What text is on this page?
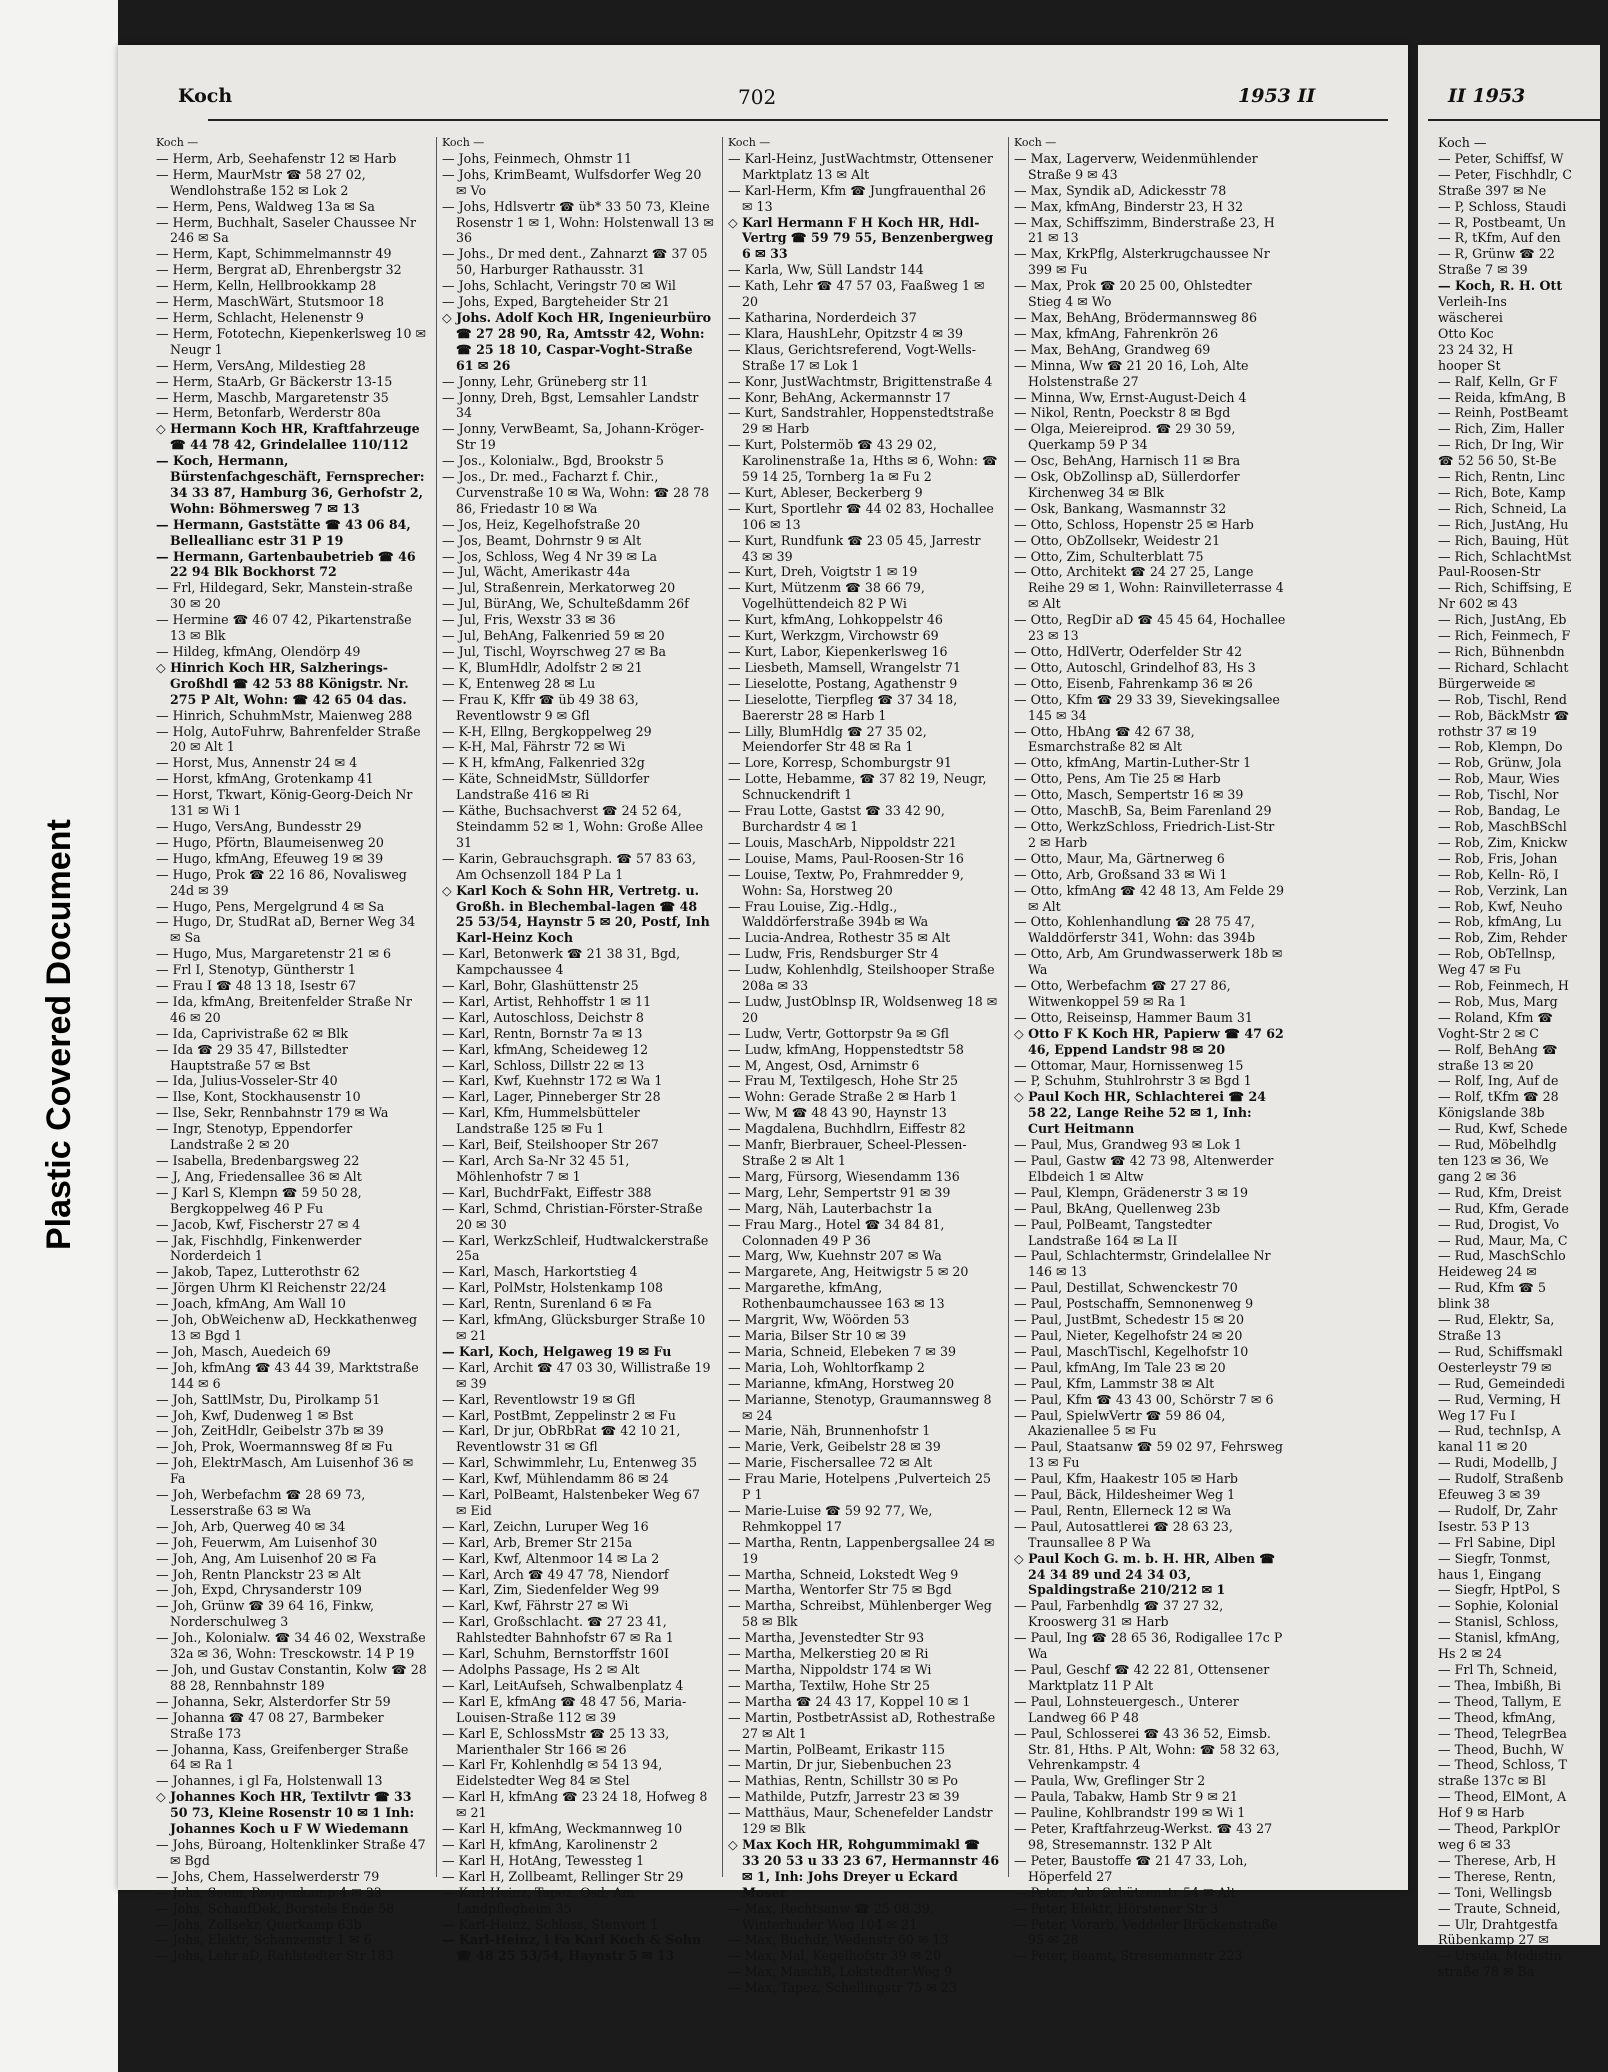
Plastic Covered Document
Koch	702	1953 II
Koch —
— Herm, Arb, Seehafenstr 12 ✉ Harb
— Herm, MaurMstr ☎ 58 27 02, Wendlohstraße 152 ✉ Lok 2
— Herm, Pens, Waldweg 13a ✉ Sa
— Herm, Buchhalt, Saseler Chaussee Nr 246 ✉ Sa
— Herm, Kapt, Schimmelmannstr 49
— Herm, Bergrat aD, Ehrenbergstr 32
— Herm, Kelln, Hellbrookkamp 28
— Herm, MaschWärt, Stutsmoor 18
— Herm, Schlacht, Helenenstr 9
— Herm, Fototechn, Kiepenkerlsweg 10 ✉ Neugr 1
— Herm, VersAng, Mildestieg 28
— Herm, StaArb, Gr Bäckerstr 13-15
— Herm, Maschb, Margaretenstr 35
— Herm, Betonfarb, Werderstr 80a
◇ Hermann Koch HR, Kraftfahrzeuge ☎ 44 78 42, Grindelallee 110/112
— Koch, Hermann, Bürstenfachgeschäft, Fernsprecher: 34 33 87, Hamburg 36, Gerhofstr 2, Wohn: Böhmersweg 7 ✉ 13
— Hermann, Gaststätte ☎ 43 06 84, Belleallianc estr 31 P 19
— Hermann, Gartenbaubetrieb ☎ 46 22 94 Blk Bockhorst 72
— Frl, Hildegard, Sekr, Manstein-straße 30 ✉ 20
— Hermine ☎ 46 07 42, Pikartenstraße 13 ✉ Blk
— Hildeg, kfmAng, Olendörp 49
◇ Hinrich Koch HR, Salzherings-Großhdl ☎ 42 53 88 Königstr. Nr. 275 P Alt, Wohn: ☎ 42 65 04 das.
— Hinrich, SchuhmMstr, Maienweg 288
— Holg, AutoFuhrw, Bahrenfelder Straße 20 ✉ Alt 1
— Horst, Mus, Annenstr 24 ✉ 4
— Horst, kfmAng, Grotenkamp 41
— Horst, Tkwart, König-Georg-Deich Nr 131 ✉ Wi 1
— Hugo, VersAng, Bundesstr 29
— Hugo, Pförtn, Blaumeisenweg 20
— Hugo, kfmAng, Efeuweg 19 ✉ 39
— Hugo, Prok ☎ 22 16 86, Novalisweg 24d ✉ 39
— Hugo, Pens, Mergelgrund 4 ✉ Sa
— Hugo, Dr, StudRat aD, Berner Weg 34 ✉ Sa
— Hugo, Mus, Margaretenstr 21 ✉ 6
— Frl I, Stenotyp, Güntherstr 1
— Frau I ☎ 48 13 18, Isestr 67
— Ida, kfmAng, Breitenfelder Straße Nr 46 ✉ 20
— Ida, Caprivistraße 62 ✉ Blk
— Ida ☎ 29 35 47, Billstedter Hauptstraße 57 ✉ Bst
— Ida, Julius-Vosseler-Str 40
— Ilse, Kont, Stockhausenstr 10
— Ilse, Sekr, Rennbahnstr 179 ✉ Wa
— Ingr, Stenotyp, Eppendorfer Landstraße 2 ✉ 20
— Isabella, Bredenbargsweg 22
— J, Ang, Friedensallee 36 ✉ Alt
— J Karl S, Klempn ☎ 59 50 28, Bergkoppelweg 46 P Fu
— Jacob, Kwf, Fischerstr 27 ✉ 4
— Jak, Fischhdlg, Finkenwerder Norderdeich 1
— Jakob, Tapez, Lutterothstr 62
— Jörgen Uhrm Kl Reichenstr 22/24
— Joach, kfmAng, Am Wall 10
— Joh, ObWeichenw aD, Heckkathenweg 13 ✉ Bgd 1
— Joh, Masch, Auedeich 69
— Joh, kfmAng ☎ 43 44 39, Marktstraße 144 ✉ 6
— Joh, SattlMstr, Du, Pirolkamp 51
— Joh, Kwf, Dudenweg 1 ✉ Bst
— Joh, ZeitHdlr, Geibelstr 37b ✉ 39
— Joh, Prok, Woermannsweg 8f ✉ Fu
— Joh, ElektrMasch, Am Luisenhof 36 ✉ Fa
— Joh, Werbefachm ☎ 28 69 73, Lesserstraße 63 ✉ Wa
— Joh, Arb, Querweg 40 ✉ 34
— Joh, Feuerwm, Am Luisenhof 30
— Joh, Ang, Am Luisenhof 20 ✉ Fa
— Joh, Rentn Planckstr 23 ✉ Alt
— Joh, Expd, Chrysanderstr 109
— Joh, Grünw ☎ 39 64 16, Finkw, Norderschulweg 3
— Joh., Kolonialw. ☎ 34 46 02, Wexstraße 32a ✉ 36, Wohn: Tresckowstr. 14 P 19
— Joh, und Gustav Constantin, Kolw ☎ 28 88 28, Rennbahnstr 189
— Johanna, Sekr, Alsterdorfer Str 59
— Johanna ☎ 47 08 27, Barmbeker Straße 173
— Johanna, Kass, Greifenberger Straße 64 ✉ Ra 1
— Johannes, i gl Fa, Holstenwall 13
◇ Johannes Koch HR, Textilvtr ☎ 33 50 73, Kleine Rosenstr 10 ✉ 1 Inh: Johannes Koch u F W Wiedemann
— Johs, Büroang, Holtenklinker Straße 47 ✉ Bgd
— Johs, Chem, Hasselwerderstr 79
— Johs, Seem, Roggenkamp 4 ✉ 33
— Johs, SchaufDek, Borstels Ende 58
— Johs, Zollsekr, Querkamp 63b
— Johs, Elektr, Schanzenstr 1 ✉ 6
— Johs, Lehr aD, Rahlstedter Str 183
Koch —
— Johs, Feinmech, Ohmstr 11
— Johs, KrimBeamt, Wulfsdorfer Weg 20 ✉ Vo
— Johs, Hdlsvertr ☎ üb* 33 50 73, Kleine Rosenstr 1 ✉ 1, Wohn: Holstenwall 13 ✉ 36
— Johs., Dr med dent., Zahnarzt ☎ 37 05 50, Harburger Rathausstr. 31
— Johs, Schlacht, Veringstr 70 ✉ Wil
— Johs, Exped, Bargteheider Str 21
◇ Johs. Adolf Koch HR, Ingenieurbüro ☎ 27 28 90, Ra, Amtsstr 42, Wohn: ☎ 25 18 10, Caspar-Voght-Straße 61 ✉ 26
— Jonny, Lehr, Grüneberg str 11
— Jonny, Dreh, Bgst, Lemsahler Landstr 34
— Jonny, VerwBeamt, Sa, Johann-Kröger-Str 19
— Jos., Kolonialw., Bgd, Brookstr 5
— Jos., Dr. med., Facharzt f. Chir., Curvenstraße 10 ✉ Wa, Wohn: ☎ 28 78 86, Friedastr 10 ✉ Wa
— Jos, Heiz, Kegelhofstraße 20
— Jos, Beamt, Dohrnstr 9 ✉ Alt
— Jos, Schloss, Weg 4 Nr 39 ✉ La
— Jul, Wächt, Amerikastr 44a
— Jul, Straßenrein, Merkatorweg 20
— Jul, BürAng, We, Schulteßdamm 26f
— Jul, Fris, Wexstr 33 ✉ 36
— Jul, BehAng, Falkenried 59 ✉ 20
— Jul, Tischl, Woyrschweg 27 ✉ Ba
— K, BlumHdlr, Adolfstr 2 ✉ 21
— K, Entenweg 28 ✉ Lu
— Frau K, Kffr ☎ üb 49 38 63, Reventlowstr 9 ✉ Gfl
— K-H, Ellng, Bergkoppelweg 29
— K-H, Mal, Fährstr 72 ✉ Wi
— K H, kfmAng, Falkenried 32g
— Käte, SchneidMstr, Sülldorfer Landstraße 416 ✉ Ri
— Käthe, Buchsachverst ☎ 24 52 64, Steindamm 52 ✉ 1, Wohn: Große Allee 31
— Karin, Gebrauchsgraph. ☎ 57 83 63, Am Ochsenzoll 184 P La 1
◇ Karl Koch & Sohn HR, Vertretg. u. Großh. in Blechembal-lagen ☎ 48 25 53/54, Haynstr 5 ✉ 20, Postf, Inh Karl-Heinz Koch
— Karl, Betonwerk ☎ 21 38 31, Bgd, Kampchaussee 4
— Karl, Bohr, Glashüttenstr 25
— Karl, Artist, Rehhoffstr 1 ✉ 11
— Karl, Autoschloss, Deichstr 8
— Karl, Rentn, Bornstr 7a ✉ 13
— Karl, kfmAng, Scheideweg 12
— Karl, Schloss, Dillstr 22 ✉ 13
— Karl, Kwf, Kuehnstr 172 ✉ Wa 1
— Karl, Lager, Pinneberger Str 28
— Karl, Kfm, Hummelsbütteler Landstraße 125 ✉ Fu 1
— Karl, Beif, Steilshooper Str 267
— Karl, Arch Sa-Nr 32 45 51, Möhlenhofstr 7 ✉ 1
— Karl, BuchdrFakt, Eiffestr 388
— Karl, Schmd, Christian-Förster-Straße 20 ✉ 30
— Karl, WerkzSchleif, Hudtwalckerstraße 25a
— Karl, Masch, Harkortstieg 4
— Karl, PolMstr, Holstenkamp 108
— Karl, Rentn, Surenland 6 ✉ Fa
— Karl, kfmAng, Glücksburger Straße 10 ✉ 21
— Karl, Koch, Helgaweg 19 ✉ Fu
— Karl, Archit ☎ 47 03 30, Willistraße 19 ✉ 39
— Karl, Reventlowstr 19 ✉ Gfl
— Karl, PostBmt, Zeppelinstr 2 ✉ Fu
— Karl, Dr jur, ObRbRat ☎ 42 10 21, Reventlowstr 31 ✉ Gfl
— Karl, Schwimmlehr, Lu, Entenweg 35
— Karl, Kwf, Mühlendamm 86 ✉ 24
— Karl, PolBeamt, Halstenbeker Weg 67 ✉ Eid
— Karl, Zeichn, Luruper Weg 16
— Karl, Arb, Bremer Str 215a
— Karl, Kwf, Altenmoor 14 ✉ La 2
— Karl, Arch ☎ 49 47 78, Niendorf
— Karl, Zim, Siedenfelder Weg 99
— Karl, Kwf, Fährstr 27 ✉ Wi
— Karl, Großschlacht. ☎ 27 23 41, Rahlstedter Bahnhofstr 67 ✉ Ra 1
— Karl, Schuhm, Bernstorffstr 160I
— Adolphs Passage, Hs 2 ✉ Alt
— Karl, LeitAufseh, Schwalbenplatz 4
— Karl E, kfmAng ☎ 48 47 56, Maria-Louisen-Straße 112 ✉ 39
— Karl E, SchlossMstr ☎ 25 13 33, Marienthaler Str 166 ✉ 26
— Karl Fr, Kohlenhdlg ✉ 54 13 94, Eidelstedter Weg 84 ✉ Stel
— Karl H, kfmAng ☎ 23 24 18, Hofweg 8 ✉ 21
— Karl H, kfmAng, Weckmannweg 10
— Karl H, kfmAng, Karolinenstr 2
— Karl H, HotAng, Tewessteg 1
— Karl H, Zollbeamt, Rellinger Str 29
— Karl-Heinz, Tapez, Osd, Am Landpflegheim 35
— Karl-Heinz, Schloss, Stenvort 1
— Karl-Heinz, i Fa Karl Koch & Sohn ☎ 48 25 53/54, Haynstr 5 ✉ 13
Koch —
— Karl-Heinz, JustWachtmstr, Ottensener Marktplatz 13 ✉ Alt
— Karl-Herm, Kfm ☎ Jungfrauenthal 26 ✉ 13
◇ Karl Hermann F H Koch HR, Hdl-Vertrg ☎ 59 79 55, Benzenbergweg 6 ✉ 33
— Karla, Ww, Süll Landstr 144
— Kath, Lehr ☎ 47 57 03, Faaßweg 1 ✉ 20
— Katharina, Norderdeich 37
— Klara, HaushLehr, Opitzstr 4 ✉ 39
— Klaus, Gerichtsreferend, Vogt-Wells-Straße 17 ✉ Lok 1
— Konr, JustWachtmstr, Brigittenstraße 4
— Konr, BehAng, Ackermannstr 17
— Kurt, Sandstrahler, Hoppenstedtstraße 29 ✉ Harb
— Kurt, Polstermöb ☎ 43 29 02, Karolinenstraße 1a, Hths ✉ 6, Wohn: ☎ 59 14 25, Tornberg 1a ✉ Fu 2
— Kurt, Ableser, Beckerberg 9
— Kurt, Sportlehr ☎ 44 02 83, Hochallee 106 ✉ 13
— Kurt, Rundfunk ☎ 23 05 45, Jarrestr 43 ✉ 39
— Kurt, Dreh, Voigtstr 1 ✉ 19
— Kurt, Mützenm ☎ 38 66 79, Vogelhüttendeich 82 P Wi
— Kurt, kfmAng, Lohkoppelstr 46
— Kurt, Werkzgm, Virchowstr 69
— Kurt, Labor, Kiepenkerlsweg 16
— Liesbeth, Mamsell, Wrangelstr 71
— Lieselotte, Postang, Agathenstr 9
— Lieselotte, Tierpfleg ☎ 37 34 18, Baererstr 28 ✉ Harb 1
— Lilly, BlumHdlg ☎ 27 35 02, Meiendorfer Str 48 ✉ Ra 1
— Lore, Korresp, Schomburgstr 91
— Lotte, Hebamme, ☎ 37 82 19, Neugr, Schnuckendrift 1
— Frau Lotte, Gastst ☎ 33 42 90, Burchardstr 4 ✉ 1
— Louis, MaschArb, Nippoldstr 221
— Louise, Mams, Paul-Roosen-Str 16
— Louise, Textw, Po, Frahmredder 9, Wohn: Sa, Horstweg 20
— Frau Louise, Zig.-Hdlg., Walddörferstraße 394b ✉ Wa
— Lucia-Andrea, Rothestr 35 ✉ Alt
— Ludw, Fris, Rendsburger Str 4
— Ludw, Kohlenhdlg, Steilshooper Straße 208a ✉ 33
— Ludw, JustOblnsp IR, Woldsenweg 18 ✉ 20
— Ludw, Vertr, Gottorpstr 9a ✉ Gfl
— Ludw, kfmAng, Hoppenstedtstr 58
— M, Angest, Osd, Arnimstr 6
— Frau M, Textilgesch, Hohe Str 25
— Wohn: Gerade Straße 2 ✉ Harb 1
— Ww, M ☎ 48 43 90, Haynstr 13
— Magdalena, Buchhdlrn, Eiffestr 82
— Manfr, Bierbrauer, Scheel-Plessen-Straße 2 ✉ Alt 1
— Marg, Fürsorg, Wiesendamm 136
— Marg, Lehr, Sempertstr 91 ✉ 39
— Marg, Näh, Lauterbachstr 1a
— Frau Marg., Hotel ☎ 34 84 81, Colonnaden 49 P 36
— Marg, Ww, Kuehnstr 207 ✉ Wa
— Margarete, Ang, Heitwigstr 5 ✉ 20
— Margarethe, kfmAng, Rothenbaumchaussee 163 ✉ 13
— Margrit, Ww, Wöörden 53
— Maria, Bilser Str 10 ✉ 39
— Maria, Schneid, Elebeken 7 ✉ 39
— Maria, Loh, Wohltorfkamp 2
— Marianne, kfmAng, Horstweg 20
— Marianne, Stenotyp, Graumannsweg 8 ✉ 24
— Marie, Näh, Brunnenhofstr 1
— Marie, Verk, Geibelstr 28 ✉ 39
— Marie, Fischersallee 72 ✉ Alt
— Frau Marie, Hotelpens ‚Pulverteich 25 P 1
— Marie-Luise ☎ 59 92 77, We, Rehmkoppel 17
— Martha, Rentn, Lappenbergsallee 24 ✉ 19
— Martha, Schneid, Lokstedt Weg 9
— Martha, Wentorfer Str 75 ✉ Bgd
— Martha, Schreibst, Mühlenberger Weg 58 ✉ Blk
— Martha, Jevenstedter Str 93
— Martha, Melkerstieg 20 ✉ Ri
— Martha, Nippoldstr 174 ✉ Wi
— Martha, Textilw, Hohe Str 25
— Martha ☎ 24 43 17, Koppel 10 ✉ 1
— Martin, PostbetrAssist aD, Rothestraße 27 ✉ Alt 1
— Martin, PolBeamt, Erikastr 115
— Martin, Dr jur, Siebenbuchen 23
— Mathias, Rentn, Schillstr 30 ✉ Po
— Mathilde, Putzfr, Jarrestr 23 ✉ 39
— Matthäus, Maur, Schenefelder Landstr 129 ✉ Blk
◇ Max Koch HR, Rohgummimakl ☎ 33 20 53 u 33 23 67, Hermannstr 46 ✉ 1, Inh: Johs Dreyer u Eckard Moser
— Max, Rechtsanw ☎ 25 08 39, Winterhuder Weg 104 ✉ 21
— Max, Buchdr, Wedenstr 60 ✉ 13
— Max, Mal, Kegelhofstr 39 ✉ 20
— Max, MaschB, Lokstedter Weg 9
— Max, Tapez, Schellingstr 75 ✉ 23
Koch —
— Max, Lagerverw, Weidenmühlender Straße 9 ✉ 43
— Max, Syndik aD, Adickesstr 78
— Max, kfmAng, Binderstr 23, H 32
— Max, Schiffszimm, Binderstraße 23, H 21 ✉ 13
— Max, KrkPflg, Alsterkrugchaussee Nr 399 ✉ Fu
— Max, Prok ☎ 20 25 00, Ohlstedter Stieg 4 ✉ Wo
— Max, BehAng, Brödermannsweg 86
— Max, kfmAng, Fahrenkrön 26
— Max, BehAng, Grandweg 69
— Minna, Ww ☎ 21 20 16, Loh, Alte Holstenstraße 27
— Minna, Ww, Ernst-August-Deich 4
— Nikol, Rentn, Poeckstr 8 ✉ Bgd
— Olga, Meiereiprod. ☎ 29 30 59, Querkamp 59 P 34
— Osc, BehAng, Harnisch 11 ✉ Bra
— Osk, ObZollinsp aD, Süllerdorfer Kirchenweg 34 ✉ Blk
— Osk, Bankang, Wasmannstr 32
— Otto, Schloss, Hopenstr 25 ✉ Harb
— Otto, ObZollsekr, Weidestr 21
— Otto, Zim, Schulterblatt 75
— Otto, Architekt ☎ 24 27 25, Lange Reihe 29 ✉ 1, Wohn: Rainvilleterrasse 4 ✉ Alt
— Otto, RegDir aD ☎ 45 45 64, Hochallee 23 ✉ 13
— Otto, HdlVertr, Oderfelder Str 42
— Otto, Autoschl, Grindelhof 83, Hs 3
— Otto, Eisenb, Fahrenkamp 36 ✉ 26
— Otto, Kfm ☎ 29 33 39, Sievekingsallee 145 ✉ 34
— Otto, HbAng ☎ 42 67 38, Esmarchstraße 82 ✉ Alt
— Otto, kfmAng, Martin-Luther-Str 1
— Otto, Pens, Am Tie 25 ✉ Harb
— Otto, Masch, Sempertstr 16 ✉ 39
— Otto, MaschB, Sa, Beim Farenland 29
— Otto, WerkzSchloss, Friedrich-List-Str 2 ✉ Harb
— Otto, Maur, Ma, Gärtnerweg 6
— Otto, Arb, Großsand 33 ✉ Wi 1
— Otto, kfmAng ☎ 42 48 13, Am Felde 29 ✉ Alt
— Otto, Kohlenhandlung ☎ 28 75 47, Walddörferstr 341, Wohn: das 394b
— Otto, Arb, Am Grundwasserwerk 18b ✉ Wa
— Otto, Werbefachm ☎ 27 27 86, Witwenkoppel 59 ✉ Ra 1
— Otto, Reiseinsp, Hammer Baum 31
◇ Otto F K Koch HR, Papierw ☎ 47 62 46, Eppend Landstr 98 ✉ 20
— Ottomar, Maur, Hornissenweg 15
— P, Schuhm, Stuhlrohrstr 3 ✉ Bgd 1
◇ Paul Koch HR, Schlachterei ☎ 24 58 22, Lange Reihe 52 ✉ 1, Inh: Curt Heitmann
— Paul, Mus, Grandweg 93 ✉ Lok 1
— Paul, Gastw ☎ 42 73 98, Altenwerder Elbdeich 1 ✉ Altw
— Paul, Klempn, Grädenerstr 3 ✉ 19
— Paul, BkAng, Quellenweg 23b
— Paul, PolBeamt, Tangstedter Landstraße 164 ✉ La II
— Paul, Schlachtermstr, Grindelallee Nr 146 ✉ 13
— Paul, Destillat, Schwenckestr 70
— Paul, Postschaffn, Semnonenweg 9
— Paul, JustBmt, Schedestr 15 ✉ 20
— Paul, Nieter, Kegelhofstr 24 ✉ 20
— Paul, MaschTischl, Kegelhofstr 10
— Paul, kfmAng, Im Tale 23 ✉ 20
— Paul, Kfm, Lammstr 38 ✉ Alt
— Paul, Kfm ☎ 43 43 00, Schörstr 7 ✉ 6
— Paul, SpielwVertr ☎ 59 86 04, Akazienallee 5 ✉ Fu
— Paul, Staatsanw ☎ 59 02 97, Fehrsweg 13 ✉ Fu
— Paul, Kfm, Haakestr 105 ✉ Harb
— Paul, Bäck, Hildesheimer Weg 1
— Paul, Rentn, Ellerneck 12 ✉ Wa
— Paul, Autosattlerei ☎ 28 63 23, Traunsallee 8 P Wa
◇ Paul Koch G. m. b. H. HR, Alben ☎ 24 34 89 und 24 34 03, Spaldingstraße 210/212 ✉ 1
— Paul, Farbenhdlg ☎ 37 27 32, Krooswerg 31 ✉ Harb
— Paul, Ing ☎ 28 65 36, Rodigallee 17c P Wa
— Paul, Geschf ☎ 42 22 81, Ottensener Marktplatz 11 P Alt
— Paul, Lohnsteuergesch., Unterer Landweg 66 P 48
— Paul, Schlosserei ☎ 43 36 52, Eimsb. Str. 81, Hths. P Alt, Wohn: ☎ 58 32 63, Vehrenkampstr. 4
— Paula, Ww, Greflinger Str 2
— Paula, Tabakw, Hamb Str 9 ✉ 21
— Pauline, Kohlbrandstr 199 ✉ Wi 1
— Peter, Kraftfahrzeug-Werkst. ☎ 43 27 98, Stresemannstr. 132 P Alt
— Peter, Baustoffe ☎ 21 47 33, Loh, Höperfeld 27
— Peter, Arb, Schützenstr 54 ✉ Alt
— Peter, Elektr, Hörstener Str 3
— Peter, Vorarb, Veddeler Brückenstraße 95 ✉ 28
— Peter, Beamt, Stresemannstr 223
II 1953
Koch —
— Peter, Schiffsf, W
— Peter, Fischhdlr, C
Straße 397 ✉ Ne
— P, Schloss, Staudi
— R, Postbeamt, Un
— R, tKfm, Auf den
— R, Grünw ☎ 22
Straße 7 ✉ 39
— Koch, R. H. Ott
Verleih-Ins
wäscherei
Otto Koc
23 24 32, H
hooper St
— Ralf, Kelln, Gr F
— Reida, kfmAng, B
— Reinh, PostBeamt
— Rich, Zim, Haller
— Rich, Dr Ing, Wir
☎ 52 56 50, St-Be
— Rich, Rentn, Linc
— Rich, Bote, Kamp
— Rich, Schneid, La
— Rich, JustAng, Hu
— Rich, Bauing, Hüt
— Rich, SchlachtMst
Paul-Roosen-Str
— Rich, Schiffsing, E
Nr 602 ✉ 43
— Rich, JustAng, Eb
— Rich, Feinmech, F
— Rich, Bühnenbdn
— Richard, Schlacht
Bürgerweide ✉
— Rob, Tischl, Rend
— Rob, BäckMstr ☎
rothstr 37 ✉ 19
— Rob, Klempn, Do
— Rob, Grünw, Jola
— Rob, Maur, Wies
— Rob, Tischl, Nor
— Rob, Bandag, Le
— Rob, MaschBSchl
— Rob, Zim, Knickw
— Rob, Fris, Johan
— Rob, Kelln- Rö, I
— Rob, Verzink, Lan
— Rob, Kwf, Neuho
— Rob, kfmAng, Lu
— Rob, Zim, Rehder
— Rob, ObTellnsp,
Weg 47 ✉ Fu
— Rob, Feinmech, H
— Rob, Mus, Marg
— Roland, Kfm ☎
Voght-Str 2 ✉ C
— Rolf, BehAng ☎
straße 13 ✉ 20
— Rolf, Ing, Auf de
— Rolf, tKfm ☎ 28
Königslande 38b
— Rud, Kwf, Schede
— Rud, Möbelhdlg
ten 123 ✉ 36, We
gang 2 ✉ 36
— Rud, Kfm, Dreist
— Rud, Kfm, Gerade
— Rud, Drogist, Vo
— Rud, Maur, Ma, C
— Rud, MaschSchlo
Heideweg 24 ✉
— Rud, Kfm ☎ 5
blink 38
— Rud, Elektr, Sa,
Straße 13
— Rud, Schiffsmakl
Oesterleystr 79 ✉
— Rud, Gemeindedi
— Rud, Verming, H
Weg 17 Fu I
— Rud, technIsp, A
kanal 11 ✉ 20
— Rudi, Modellb, J
— Rudolf, Straßenb
Efeuweg 3 ✉ 39
— Rudolf, Dr, Zahr
Isestr. 53 P 13
— Frl Sabine, Dipl
— Siegfr, Tonmst,
haus 1, Eingang
— Siegfr, HptPol, S
— Sophie, Kolonial
— Stanisl, Schloss,
— Stanisl, kfmAng,
Hs 2 ✉ 24
— Frl Th, Schneid,
— Thea, Imbißh, Bi
— Theod, Tallym, E
— Theod, kfmAng,
— Theod, TelegrBea
— Theod, Buchh, W
— Theod, Schloss, T
straße 137c ✉ Bl
— Theod, ElMont, A
Hof 9 ✉ Harb
— Theod, ParkplOr
weg 6 ✉ 33
— Therese, Arb, H
— Therese, Rentn,
— Toni, Wellingsb
— Traute, Schneid,
— Ulr, Drahtgestfa
Rübenkamp 27 ✉
— Ursula, Modistin
straße 78 ✉ Ba
